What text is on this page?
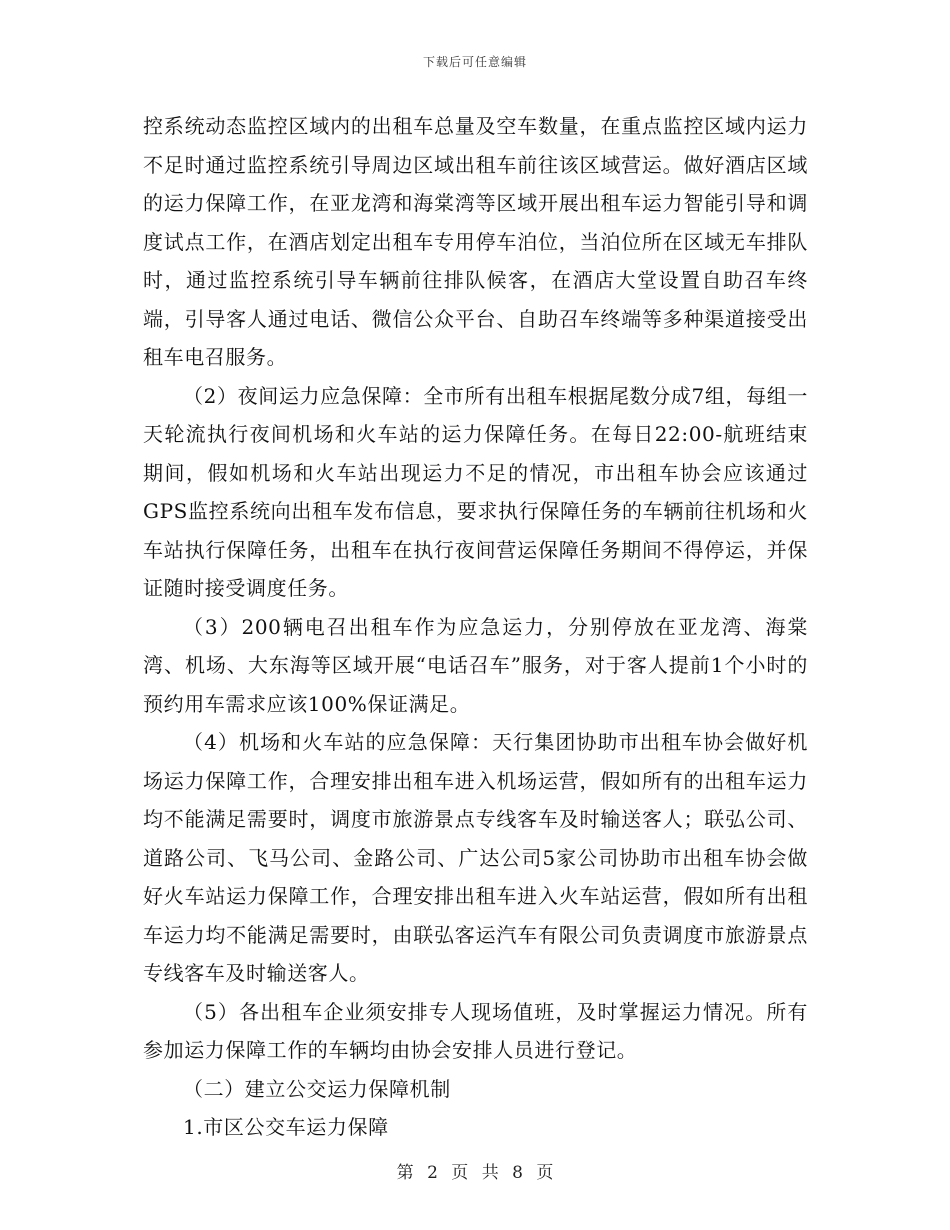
下载后可任意编辑

控系统动态监控区域内的出租车总量及空车数量，在重点监控区域内运力不足时通过监控系统引导周边区域出租车前往该区域营运。做好酒店区域的运力保障工作，在亚龙湾和海棠湾等区域开展出租车运力智能引导和调度试点工作，在酒店划定出租车专用停车泊位，当泊位所在区域无车排队时，通过监控系统引导车辆前往排队候客，在酒店大堂设置自助召车终端，引导客人通过电话、微信公众平台、自助召车终端等多种渠道接受出租车电召服务。

（2）夜间运力应急保障：全市所有出租车根据尾数分成7组，每组一天轮流执行夜间机场和火车站的运力保障任务。在每日22:00-航班结束期间，假如机场和火车站出现运力不足的情况，市出租车协会应该通过GPS监控系统向出租车发布信息，要求执行保障任务的车辆前往机场和火车站执行保障任务，出租车在执行夜间营运保障任务期间不得停运，并保证随时接受调度任务。

（3）200辆电召出租车作为应急运力，分别停放在亚龙湾、海棠湾、机场、大东海等区域开展“电话召车”服务，对于客人提前1个小时的预约用车需求应该100%保证满足。

（4）机场和火车站的应急保障：天行集团协助市出租车协会做好机场运力保障工作，合理安排出租车进入机场运营，假如所有的出租车运力均不能满足需要时，调度市旅游景点专线客车及时输送客人；联弘公司、道路公司、飞马公司、金路公司、广达公司5家公司协助市出租车协会做好火车站运力保障工作，合理安排出租车进入火车站运营，假如所有出租车运力均不能满足需要时，由联弘客运汽车有限公司负责调度市旅游景点专线客车及时输送客人。

（5）各出租车企业须安排专人现场值班，及时掌握运力情况。所有参加运力保障工作的车辆均由协会安排人员进行登记。

（二）建立公交运力保障机制

1.市区公交车运力保障

第 2 页 共 8 页
